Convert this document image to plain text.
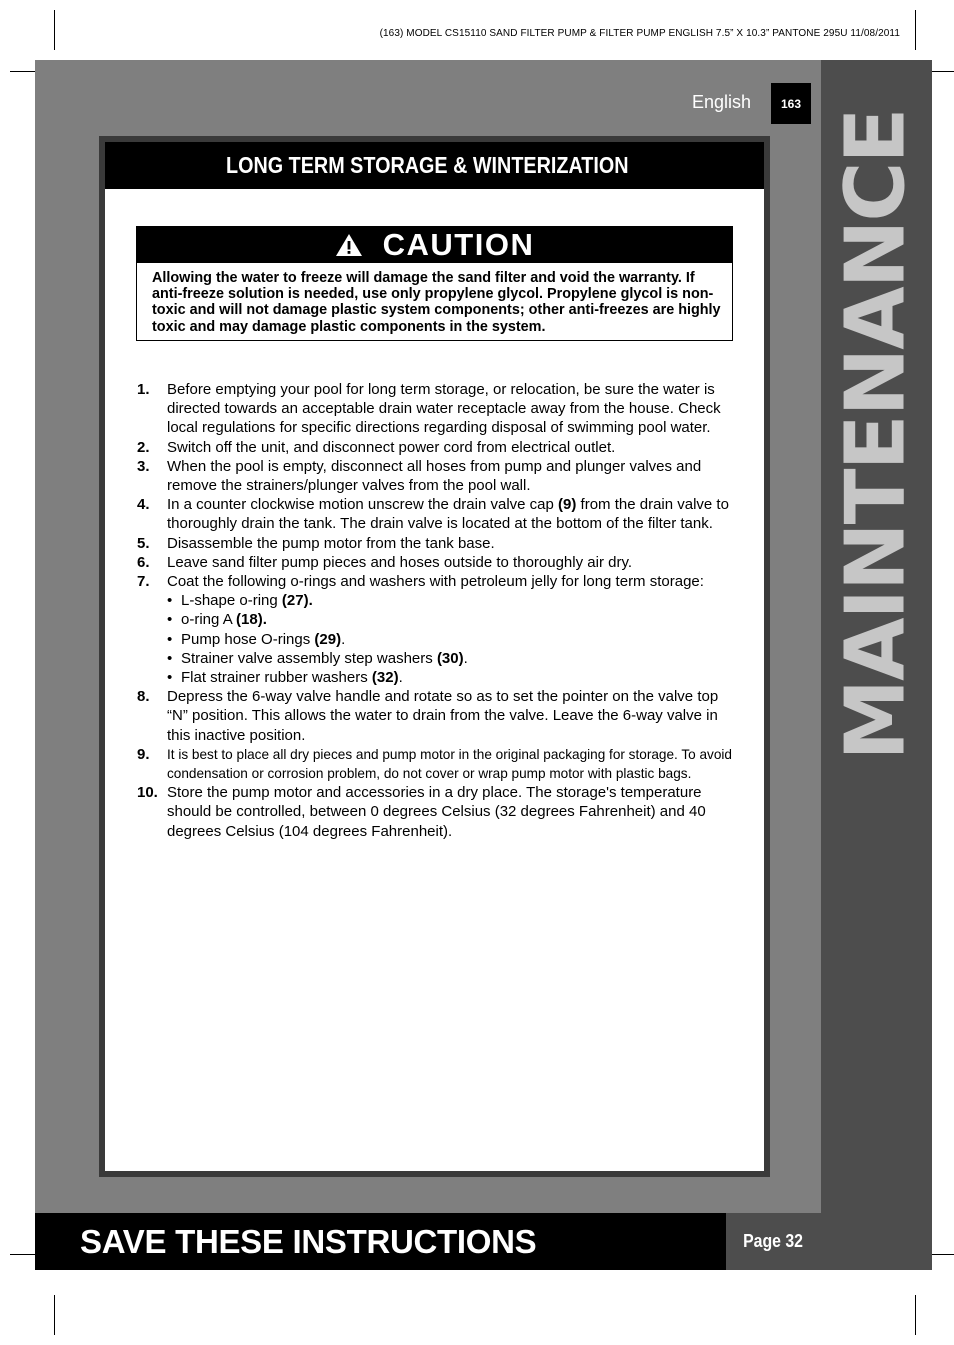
(163) MODEL CS15110 SAND FILTER PUMP & FILTER PUMP ENGLISH 7.5” X 10.3” PANTONE 295U 11/08/2011
MAINTENANCE
English	163
LONG TERM STORAGE & WINTERIZATION
CAUTION
Allowing the water to freeze will damage the sand filter and void the warranty. If anti-freeze solution is needed, use only propylene glycol. Propylene glycol is non-toxic and will not damage plastic system components; other anti-freezes are highly toxic and may damage plastic components in the system.
1.	Before emptying your pool for long term storage, or relocation, be sure the water is directed towards an acceptable drain water receptacle away from the house. Check local regulations for specific directions regarding disposal of swimming pool water.
2.	Switch off the unit, and disconnect power cord from electrical outlet.
3.	When the pool is empty, disconnect all hoses from pump and plunger valves and remove the strainers/plunger valves from the pool wall.
4.	In a counter clockwise motion unscrew the drain valve cap (9) from the drain valve to thoroughly drain the tank. The drain valve is located at the bottom of the filter tank.
5.	Disassemble the pump motor from the tank base.
6.	Leave sand filter pump pieces and hoses outside to thoroughly air dry.
7.	Coat the following o-rings and washers with petroleum jelly for long term storage:
• L-shape o-ring (27).
• o-ring A (18).
• Pump hose O-rings (29).
• Strainer valve assembly step washers (30).
• Flat strainer rubber washers (32).
8.	Depress the 6-way valve handle and rotate so as to set the pointer on the valve top “N” position. This allows the water to drain from the valve. Leave the 6-way valve in this inactive position.
9.	It is best to place all dry pieces and pump motor in the original packaging for storage. To avoid condensation or corrosion problem, do not cover or wrap pump motor with plastic bags.
10. Store the pump motor and accessories in a dry place. The storage's temperature should be controlled, between 0 degrees Celsius (32 degrees Fahrenheit) and 40 degrees Celsius (104 degrees Fahrenheit).
SAVE THESE INSTRUCTIONS	Page 32
